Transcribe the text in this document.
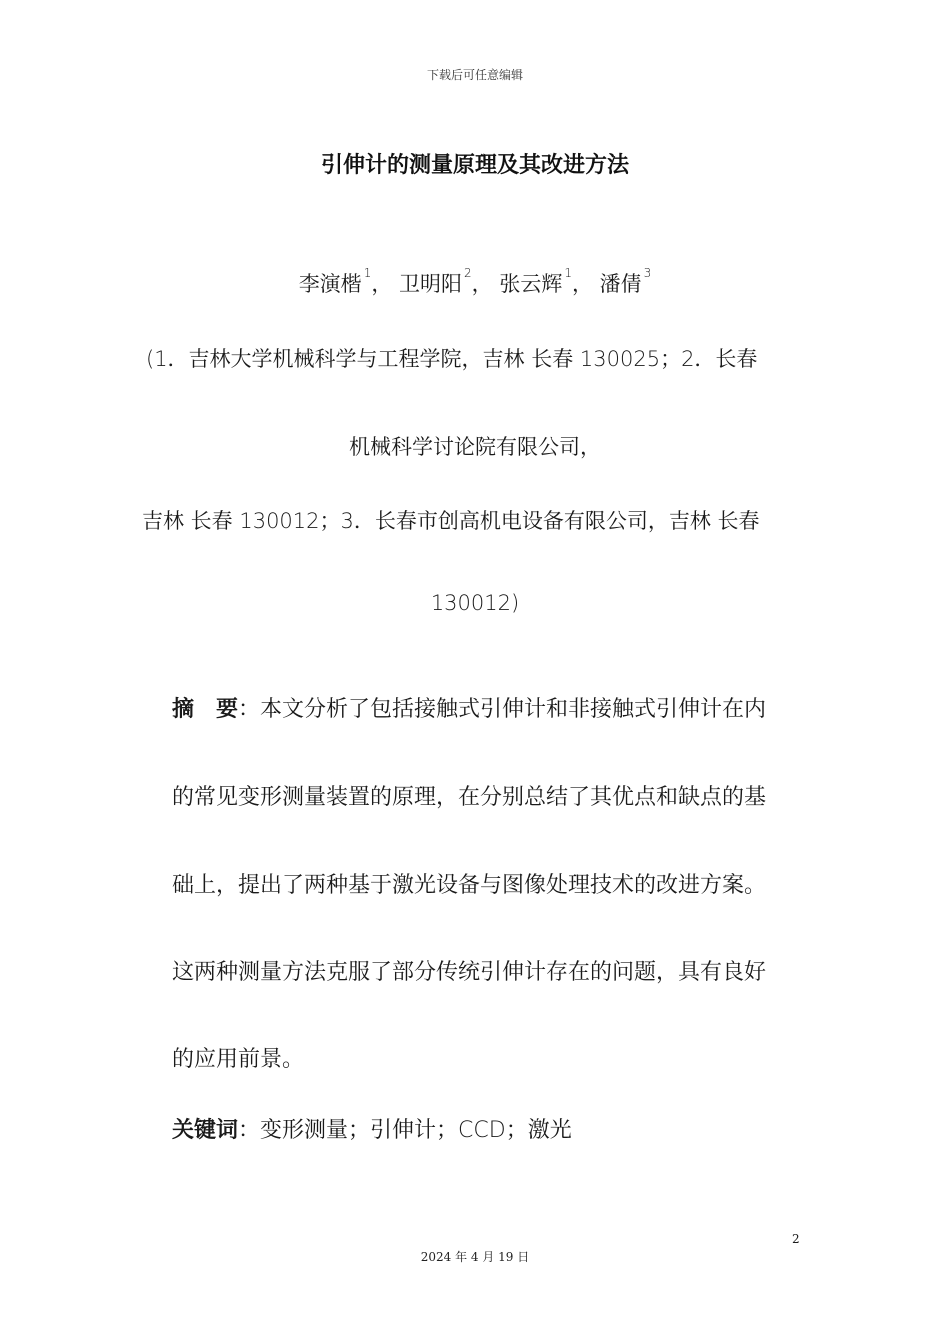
下载后可任意编辑
引伸计的测量原理及其改进方法
李演楷 $^1$， 卫明阳 $^2$， 张云辉 $^1$， 潘倩 $^3$
(1．吉林大学机械科学与工程学院，吉林 长春 130025；2．长春
机械科学讨论院有限公司，
吉林 长春 130012；3．长春市创高机电设备有限公司，吉林 长春
130012)
摘　要：本文分析了包括接触式引伸计和非接触式引伸计在内
的常见变形测量装置的原理，在分别总结了其优点和缺点的基
础上，提出了两种基于激光设备与图像处理技术的改进方案。
这两种测量方法克服了部分传统引伸计存在的问题，具有良好
的应用前景。
关键词：变形测量；引伸计；CCD；激光
2
2024 年 4 月 19 日
